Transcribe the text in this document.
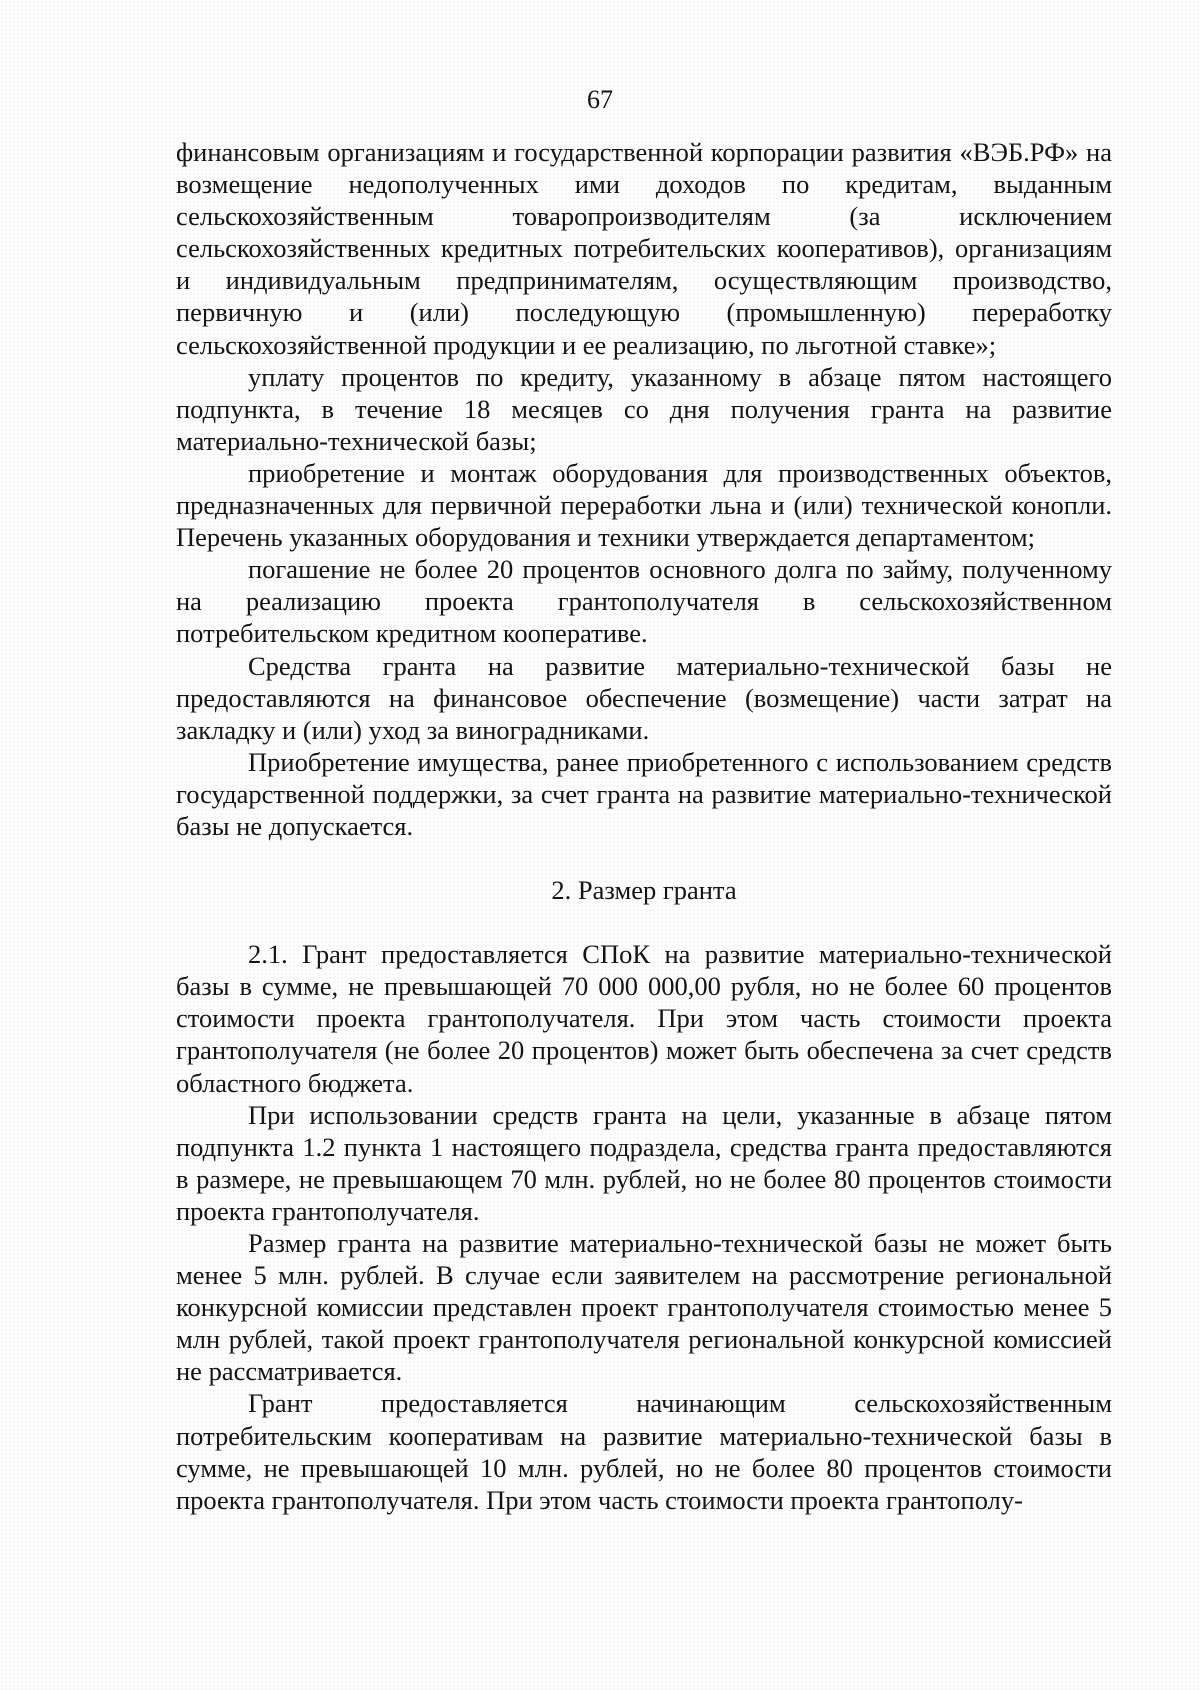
67

финансовым организациям и государственной корпорации развития «ВЭБ.РФ» на возмещение недополученных ими доходов по кредитам, выданным сельскохозяйственным товаропроизводителям (за исключением сельскохозяйственных кредитных потребительских кооперативов), организациям и индивидуальным предпринимателям, осуществляющим производство, первичную и (или) последующую (промышленную) переработку сельскохозяйственной продукции и ее реализацию, по льготной ставке»;

уплату процентов по кредиту, указанному в абзаце пятом настоящего подпункта, в течение 18 месяцев со дня получения гранта на развитие материально-технической базы;

приобретение и монтаж оборудования для производственных объектов, предназначенных для первичной переработки льна и (или) технической конопли. Перечень указанных оборудования и техники утверждается департаментом;

погашение не более 20 процентов основного долга по займу, полученному на реализацию проекта грантополучателя в сельскохозяйственном потребительском кредитном кооперативе.

Средства гранта на развитие материально-технической базы не предоставляются на финансовое обеспечение (возмещение) части затрат на закладку и (или) уход за виноградниками.

Приобретение имущества, ранее приобретенного с использованием средств государственной поддержки, за счет гранта на развитие материально-технической базы не допускается.

2. Размер гранта

2.1. Грант предоставляется СПоК на развитие материально-технической базы в сумме, не превышающей 70 000 000,00 рубля, но не более 60 процентов стоимости проекта грантополучателя. При этом часть стоимости проекта грантополучателя (не более 20 процентов) может быть обеспечена за счет средств областного бюджета.

При использовании средств гранта на цели, указанные в абзаце пятом подпункта 1.2 пункта 1 настоящего подраздела, средства гранта предоставляются в размере, не превышающем 70 млн. рублей, но не более 80 процентов стоимости проекта грантополучателя.

Размер гранта на развитие материально-технической базы не может быть менее 5 млн. рублей. В случае если заявителем на рассмотрение региональной конкурсной комиссии представлен проект грантополучателя стоимостью менее 5 млн рублей, такой проект грантополучателя региональной конкурсной комиссией не рассматривается.

Грант предоставляется начинающим сельскохозяйственным потребительским кооперативам на развитие материально-технической базы в сумме, не превышающей 10 млн. рублей, но не более 80 процентов стоимости проекта грантополучателя. При этом часть стоимости проекта грантополу-
